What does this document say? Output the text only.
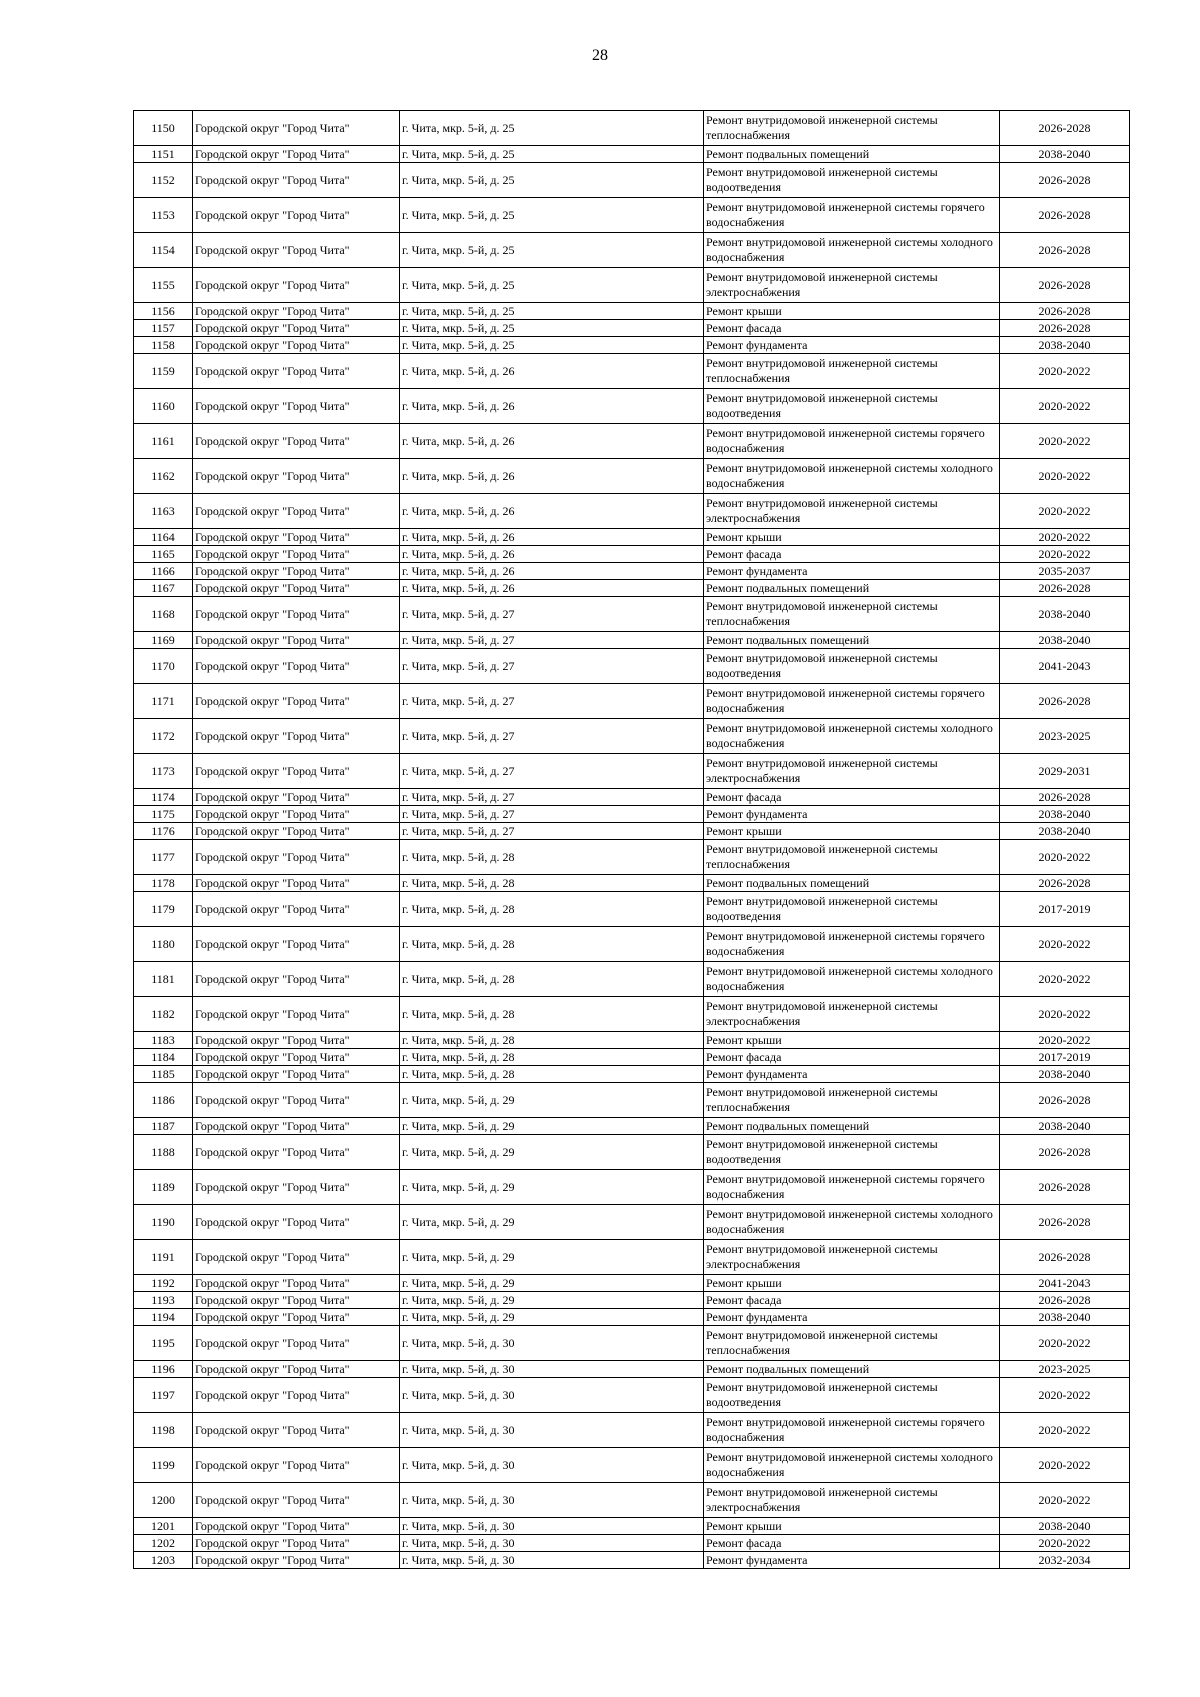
28
1150	Городской округ "Город Чита"	г. Чита, мкр. 5-й, д. 25	Ремонт внутридомовой инженерной системы теплоснабжения	2026-2028
1151	Городской округ "Город Чита"	г. Чита, мкр. 5-й, д. 25	Ремонт подвальных помещений	2038-2040
1152	Городской округ "Город Чита"	г. Чита, мкр. 5-й, д. 25	Ремонт внутридомовой инженерной системы водоотведения	2026-2028
1153	Городской округ "Город Чита"	г. Чита, мкр. 5-й, д. 25	Ремонт внутридомовой инженерной системы горячего водоснабжения	2026-2028
1154	Городской округ "Город Чита"	г. Чита, мкр. 5-й, д. 25	Ремонт внутридомовой инженерной системы холодного водоснабжения	2026-2028
1155	Городской округ "Город Чита"	г. Чита, мкр. 5-й, д. 25	Ремонт внутридомовой инженерной системы электроснабжения	2026-2028
1156	Городской округ "Город Чита"	г. Чита, мкр. 5-й, д. 25	Ремонт крыши	2026-2028
1157	Городской округ "Город Чита"	г. Чита, мкр. 5-й, д. 25	Ремонт фасада	2026-2028
1158	Городской округ "Город Чита"	г. Чита, мкр. 5-й, д. 25	Ремонт фундамента	2038-2040
1159	Городской округ "Город Чита"	г. Чита, мкр. 5-й, д. 26	Ремонт внутридомовой инженерной системы теплоснабжения	2020-2022
1160	Городской округ "Город Чита"	г. Чита, мкр. 5-й, д. 26	Ремонт внутридомовой инженерной системы водоотведения	2020-2022
1161	Городской округ "Город Чита"	г. Чита, мкр. 5-й, д. 26	Ремонт внутридомовой инженерной системы горячего водоснабжения	2020-2022
1162	Городской округ "Город Чита"	г. Чита, мкр. 5-й, д. 26	Ремонт внутридомовой инженерной системы холодного водоснабжения	2020-2022
1163	Городской округ "Город Чита"	г. Чита, мкр. 5-й, д. 26	Ремонт внутридомовой инженерной системы электроснабжения	2020-2022
1164	Городской округ "Город Чита"	г. Чита, мкр. 5-й, д. 26	Ремонт крыши	2020-2022
1165	Городской округ "Город Чита"	г. Чита, мкр. 5-й, д. 26	Ремонт фасада	2020-2022
1166	Городской округ "Город Чита"	г. Чита, мкр. 5-й, д. 26	Ремонт фундамента	2035-2037
1167	Городской округ "Город Чита"	г. Чита, мкр. 5-й, д. 26	Ремонт подвальных помещений	2026-2028
1168	Городской округ "Город Чита"	г. Чита, мкр. 5-й, д. 27	Ремонт внутридомовой инженерной системы теплоснабжения	2038-2040
1169	Городской округ "Город Чита"	г. Чита, мкр. 5-й, д. 27	Ремонт подвальных помещений	2038-2040
1170	Городской округ "Город Чита"	г. Чита, мкр. 5-й, д. 27	Ремонт внутридомовой инженерной системы водоотведения	2041-2043
1171	Городской округ "Город Чита"	г. Чита, мкр. 5-й, д. 27	Ремонт внутридомовой инженерной системы горячего водоснабжения	2026-2028
1172	Городской округ "Город Чита"	г. Чита, мкр. 5-й, д. 27	Ремонт внутридомовой инженерной системы холодного водоснабжения	2023-2025
1173	Городской округ "Город Чита"	г. Чита, мкр. 5-й, д. 27	Ремонт внутридомовой инженерной системы электроснабжения	2029-2031
1174	Городской округ "Город Чита"	г. Чита, мкр. 5-й, д. 27	Ремонт фасада	2026-2028
1175	Городской округ "Город Чита"	г. Чита, мкр. 5-й, д. 27	Ремонт фундамента	2038-2040
1176	Городской округ "Город Чита"	г. Чита, мкр. 5-й, д. 27	Ремонт крыши	2038-2040
1177	Городской округ "Город Чита"	г. Чита, мкр. 5-й, д. 28	Ремонт внутридомовой инженерной системы теплоснабжения	2020-2022
1178	Городской округ "Город Чита"	г. Чита, мкр. 5-й, д. 28	Ремонт подвальных помещений	2026-2028
1179	Городской округ "Город Чита"	г. Чита, мкр. 5-й, д. 28	Ремонт внутридомовой инженерной системы водоотведения	2017-2019
1180	Городской округ "Город Чита"	г. Чита, мкр. 5-й, д. 28	Ремонт внутридомовой инженерной системы горячего водоснабжения	2020-2022
1181	Городской округ "Город Чита"	г. Чита, мкр. 5-й, д. 28	Ремонт внутридомовой инженерной системы холодного водоснабжения	2020-2022
1182	Городской округ "Город Чита"	г. Чита, мкр. 5-й, д. 28	Ремонт внутридомовой инженерной системы электроснабжения	2020-2022
1183	Городской округ "Город Чита"	г. Чита, мкр. 5-й, д. 28	Ремонт крыши	2020-2022
1184	Городской округ "Город Чита"	г. Чита, мкр. 5-й, д. 28	Ремонт фасада	2017-2019
1185	Городской округ "Город Чита"	г. Чита, мкр. 5-й, д. 28	Ремонт фундамента	2038-2040
1186	Городской округ "Город Чита"	г. Чита, мкр. 5-й, д. 29	Ремонт внутридомовой инженерной системы теплоснабжения	2026-2028
1187	Городской округ "Город Чита"	г. Чита, мкр. 5-й, д. 29	Ремонт подвальных помещений	2038-2040
1188	Городской округ "Город Чита"	г. Чита, мкр. 5-й, д. 29	Ремонт внутридомовой инженерной системы водоотведения	2026-2028
1189	Городской округ "Город Чита"	г. Чита, мкр. 5-й, д. 29	Ремонт внутридомовой инженерной системы горячего водоснабжения	2026-2028
1190	Городской округ "Город Чита"	г. Чита, мкр. 5-й, д. 29	Ремонт внутридомовой инженерной системы холодного водоснабжения	2026-2028
1191	Городской округ "Город Чита"	г. Чита, мкр. 5-й, д. 29	Ремонт внутридомовой инженерной системы электроснабжения	2026-2028
1192	Городской округ "Город Чита"	г. Чита, мкр. 5-й, д. 29	Ремонт крыши	2041-2043
1193	Городской округ "Город Чита"	г. Чита, мкр. 5-й, д. 29	Ремонт фасада	2026-2028
1194	Городской округ "Город Чита"	г. Чита, мкр. 5-й, д. 29	Ремонт фундамента	2038-2040
1195	Городской округ "Город Чита"	г. Чита, мкр. 5-й, д. 30	Ремонт внутридомовой инженерной системы теплоснабжения	2020-2022
1196	Городской округ "Город Чита"	г. Чита, мкр. 5-й, д. 30	Ремонт подвальных помещений	2023-2025
1197	Городской округ "Город Чита"	г. Чита, мкр. 5-й, д. 30	Ремонт внутридомовой инженерной системы водоотведения	2020-2022
1198	Городской округ "Город Чита"	г. Чита, мкр. 5-й, д. 30	Ремонт внутридомовой инженерной системы горячего водоснабжения	2020-2022
1199	Городской округ "Город Чита"	г. Чита, мкр. 5-й, д. 30	Ремонт внутридомовой инженерной системы холодного водоснабжения	2020-2022
1200	Городской округ "Город Чита"	г. Чита, мкр. 5-й, д. 30	Ремонт внутридомовой инженерной системы электроснабжения	2020-2022
1201	Городской округ "Город Чита"	г. Чита, мкр. 5-й, д. 30	Ремонт крыши	2038-2040
1202	Городской округ "Город Чита"	г. Чита, мкр. 5-й, д. 30	Ремонт фасада	2020-2022
1203	Городской округ "Город Чита"	г. Чита, мкр. 5-й, д. 30	Ремонт фундамента	2032-2034
